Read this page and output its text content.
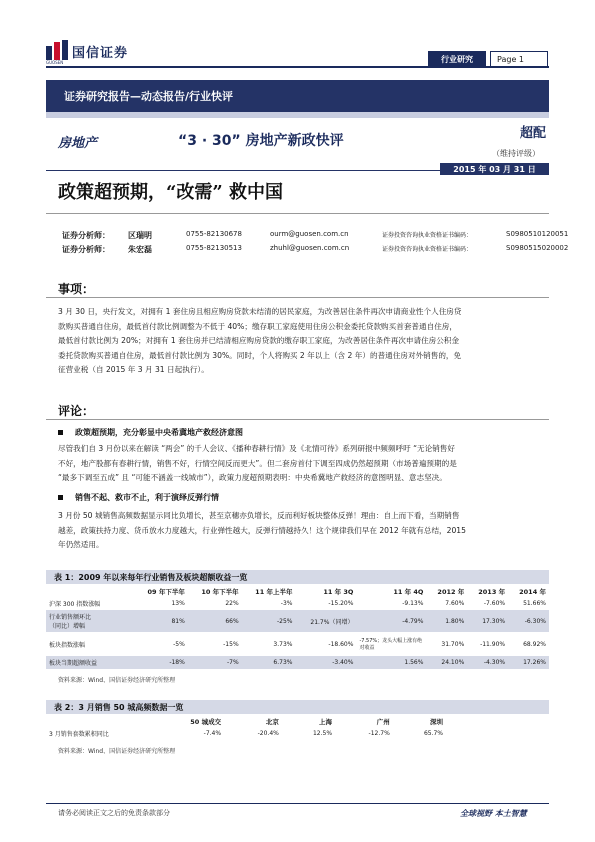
国信证券
GUOSEN	行业研究	Page 1
证券研究报告—动态报告/行业快评
房地产	“3 · 30” 房地产新政快评	超配
（维持评级）
2015 年 03 月 31 日
政策超预期，“改需” 救中国
证券分析师： 区瑞明	0755-82130678	ourm@guosen.com.cn	证券投资咨询执业资格证书编码：	S0980510120051
证券分析师： 朱宏磊	0755-82130513	zhuhl@guosen.com.cn	证券投资咨询执业资格证书编码：	S0980515020002
事项：
3 月 30 日，央行发文，对拥有 1 套住房且相应购房贷款未结清的居民家庭，为改善居住条件再次申请商业性个人住房贷
款购买普通自住房，最低首付款比例调整为不低于 40%；缴存职工家庭使用住房公积金委托贷款购买首套普通自住房，
最低首付款比例为 20%；对拥有 1 套住房并已结清相应购房贷款的缴存职工家庭，为改善居住条件再次申请住房公积金
委托贷款购买普通自住房，最低首付款比例为 30%。同时，个人将购买 2 年以上（含 2 年）的普通住房对外销售的，免
征营业税（自 2015 年 3 月 31 日起执行）。
评论：
政策超预期，充分彰显中央希冀地产救经济意图
尽管我们自 3 月份以来在解读 “两会” 的千人会议、《播种春耕行情》及《北情可待》系列研报中频频呼吁 “无论销售好
不好，地产股都有春耕行情，销售不好，行情空间反而更大”。但二套房首付下调至四成仍然超预期（市场普遍预期的是
“最多下调至五成” 且 “可能不涵盖一线城市”），政策力度超预期表明：中央希冀地产救经济的意图明显、意志坚决。
销售不起、救市不止，利于演绎反弹行情
3 月份 50 城销售高频数据显示同比负增长，甚至京穗亦负增长，反而利好板块整体反弹！理由：自上而下看，当期销售
越差，政策扶持力度、货币放水力度越大，行业弹性越大，反弹行情越持久！这个规律我们早在 2012 年就有总结，2015
年仍然适用。
表 1：2009 年以来每年行业销售及板块超额收益一览
	09 年下半年	10 年下半年	11 年上半年	11 年 3Q	11 年 4Q	2012 年	2013 年	2014 年
沪深 300 指数涨幅	13%	22%	-3%	-15.20%	-9.13%	7.60%	-7.60%	51.66%

行业销售额环比
（同比）增幅	81%	66%	-25%	21.7%（同增）	-4.79%	1.80%	17.30%	-6.30%
板块指数涨幅	-5%	-15%	3.73%	-18.60%	-7.57%；龙头大幅上涨有绝对收益	31.70%	-11.90%	68.92%
板块当期超额收益	-18%	-7%	6.73%	-3.40%	1.56%	24.10%	-4.30%	17.26%
资料来源：Wind、国信证券经济研究所整理
表 2：3 月销售 50 城高频数据一览
	50 城成交	北京	上海	广州	深圳
3 月销售套数累积同比	-7.4%	-20.4%	12.5%	-12.7%	65.7%
资料来源：Wind、国信证券经济研究所整理
请务必阅读正文之后的免责条款部分	全球视野 本土智慧
